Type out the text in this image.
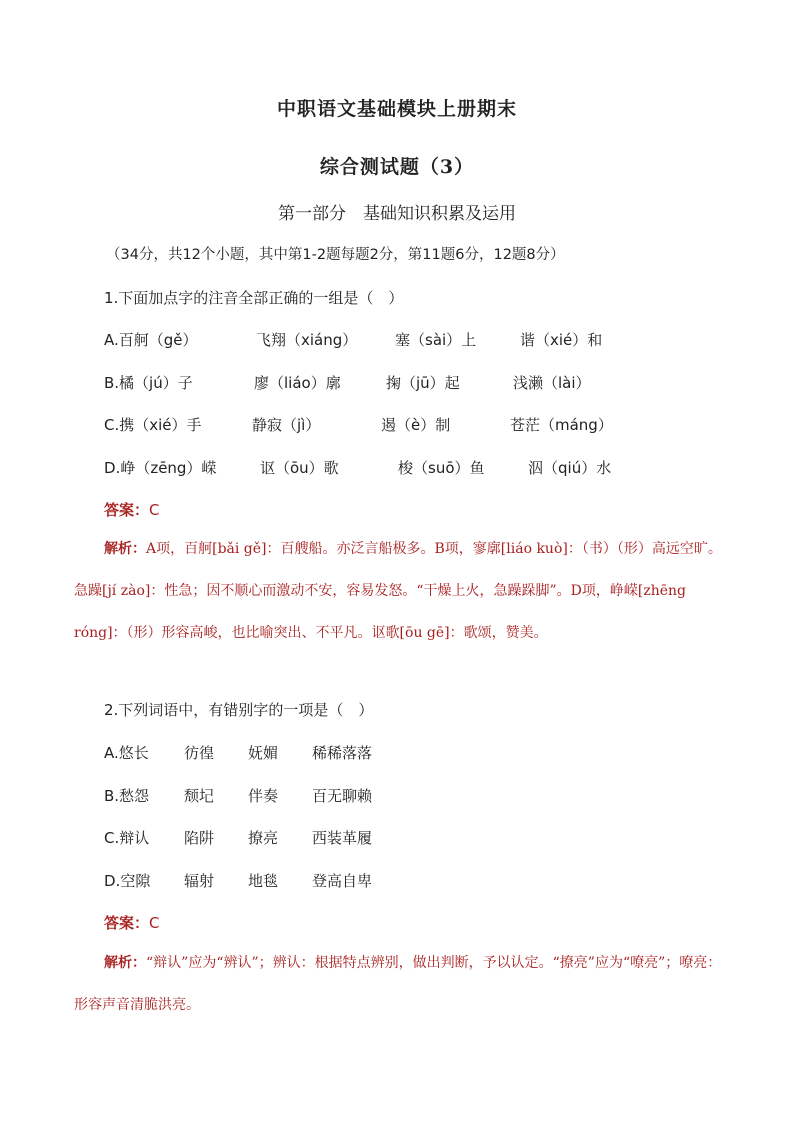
中职语文基础模块上册期末
综合测试题（3）
第一部分　基础知识积累及运用
（34分，共12个小题，其中第1-2题每题2分，第11题6分，12题8分）
1.下面加点字的注音全部正确的一组是（　）
A.百舸（gě）	飞翔（xiáng）	塞（sài）上	谐（xié）和
B.橘（jú）子	廖（liáo）廓	掬（jū）起	浅濑（lài）
C.携（xié）手	静寂（jì）	遏（è）制	苍茫（máng）
D.峥（zēng）嵘	讴（ōu）歌	梭（suō）鱼	泅（qiú）水
答案：C
解析：A项，百舸[bǎi gě]：百艘船。亦泛言船极多。B项，寥廓[liáo kuò]：（书）（形）高远空旷。急躁[jí zào]：性急；因不顺心而激动不安，容易发怒。“干燥上火，急躁跺脚”。D项，峥嵘[zhēng róng]：（形）形容高峻，也比喻突出、不平凡。讴歌[ōu gē]：歌颂，赞美。
2.下列词语中，有错别字的一项是（　）
A.悠长 彷徨 妩媚 稀稀落落
B.愁怨 颓圮 伴奏 百无聊赖
C.辩认 陷阱 撩亮 西装革履
D.空隙 辐射 地毯 登高自卑
答案：C
解析：“辩认”应为“辨认”；辨认：根据特点辨别，做出判断，予以认定。“撩亮”应为“嘹亮”；嘹亮：形容声音清脆洪亮。
